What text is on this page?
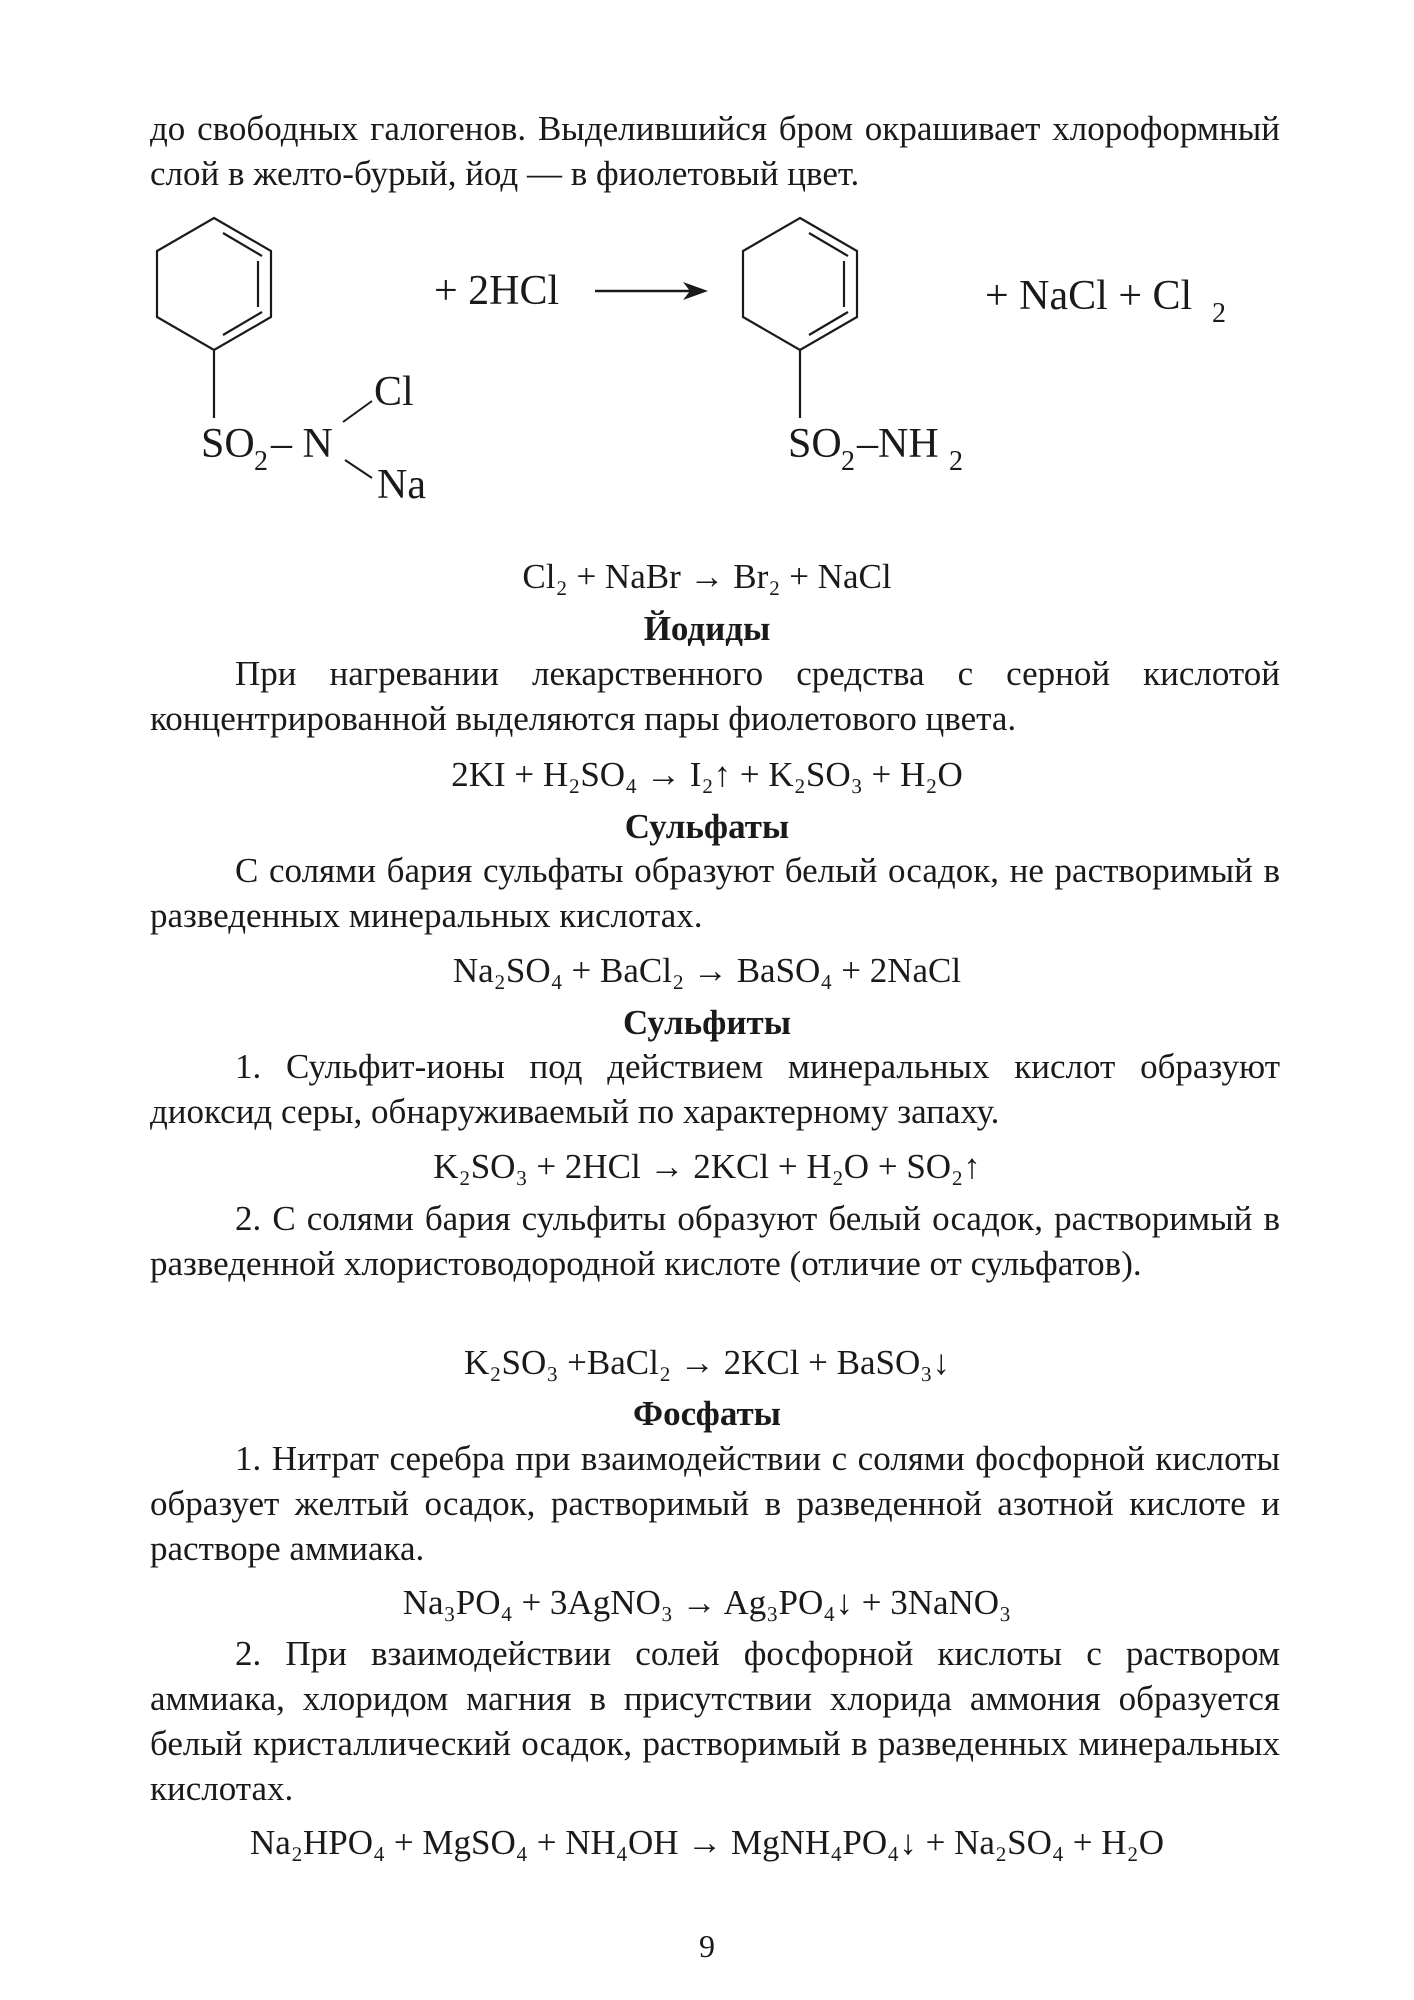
до свободных галогенов. Выделившийся бром окрашивает хлороформный слой в желто-бурый, йод — в фиолетовый цвет.

SO 2 – N
Cl
Na
+ 2HCl
SO 2 –NH 2
+ NaCl + Cl 2
Cl₂ + NaBr → Br₂ + NaCl
Йодиды

При нагревании лекарственного средства с серной кислотой концентрированной выделяются пары фиолетового цвета.

2KI + H₂SO₄ → I₂↑ + K₂SO₃ + H₂O
Сульфаты

С солями бария сульфаты образуют белый осадок, не растворимый в разведенных минеральных кислотах.

Na₂SO₄ + BaCl₂ → BaSO₄ + 2NaCl
Сульфиты

1. Сульфит-ионы под действием минеральных кислот образуют диоксид серы, обнаруживаемый по характерному запаху.

K₂SO₃ + 2HCl → 2KCl + H₂O + SO₂↑

2. С солями бария сульфиты образуют белый осадок, растворимый в разведенной хлористоводородной кислоте (отличие от сульфатов).

K₂SO₃ +BaCl₂ → 2KCl + BaSO₃↓
Фосфаты

1. Нитрат серебра при взаимодействии с солями фосфорной кислоты образует желтый осадок, растворимый в разведенной азотной кислоте и растворе аммиака.

Na₃PO₄ + 3AgNO₃ → Ag₃PO₄↓ + 3NaNO₃

2. При взаимодействии солей фосфорной кислоты с раствором аммиака, хлоридом магния в присутствии хлорида аммония образуется белый кристаллический осадок, растворимый в разведенных минеральных кислотах.

Na₂HPO₄ + MgSO₄ + NH₄OH → MgNH₄PO₄↓ + Na₂SO₄ + H₂O
9
